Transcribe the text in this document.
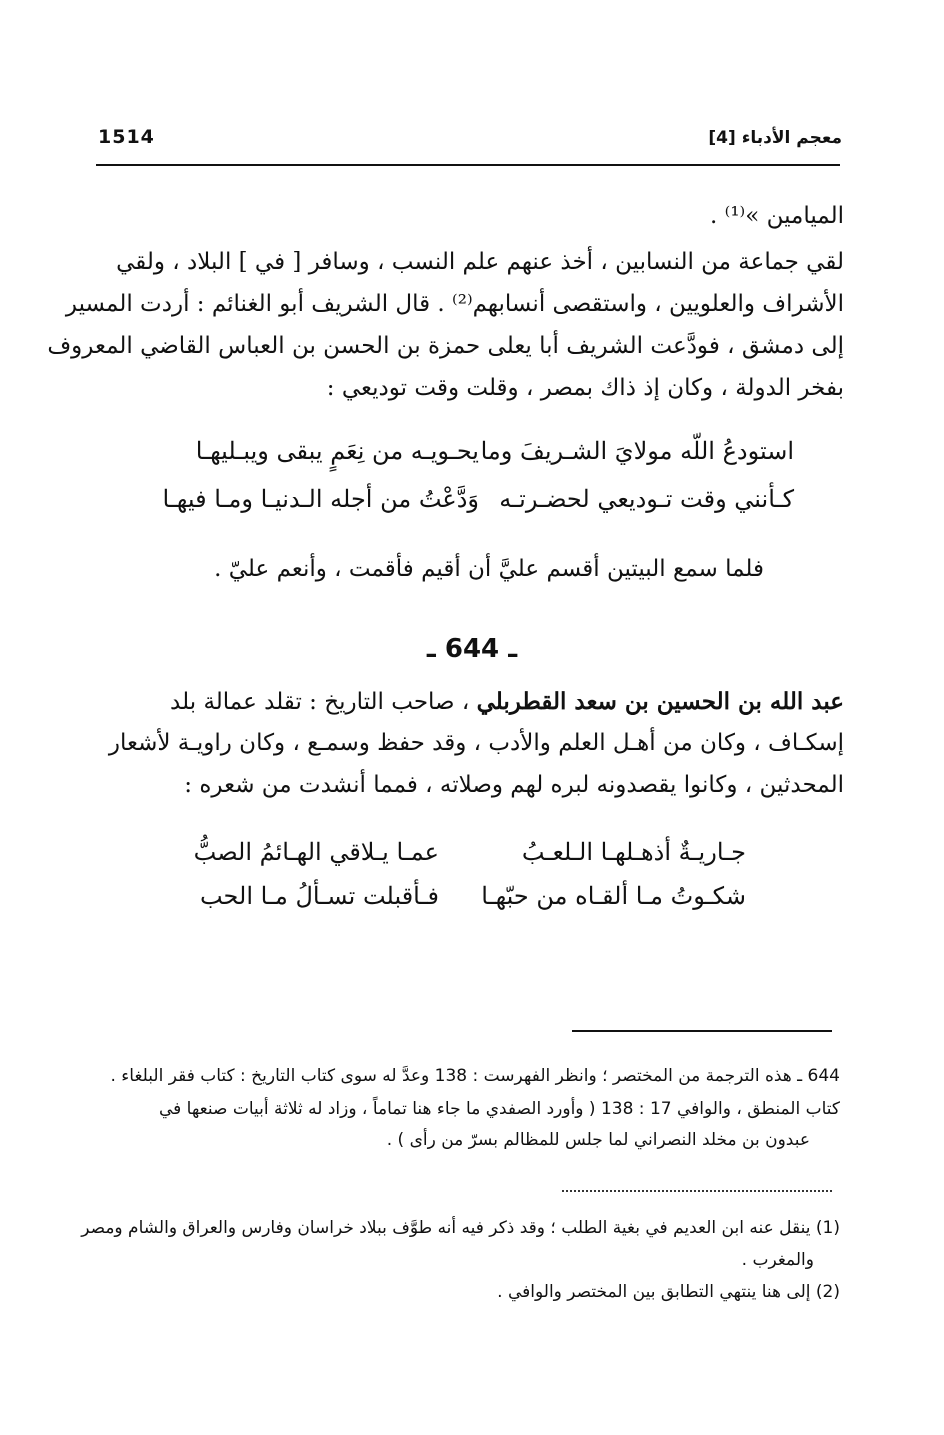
معجم الأدباء [4]
1514
الميامين »⁽¹⁾ .
لقي جماعة من النسابين ، أخذ عنهم علم النسب ، وسافر [ في ] البلاد ، ولقي
الأشراف والعلويين ، واستقصى أنسابهم⁽²⁾ . قال الشريف أبو الغنائم : أردت المسير
إلى دمشق ، فودَّعت الشريف أبا يعلى حمزة بن الحسن بن العباس القاضي المعروف
بفخر الدولة ، وكان إذ ذاك بمصر ، وقلت وقت توديعي :
استودعُ اللّه مولايَ الشـريفَ وما
يحـويـه من نِعَمٍ يبقى ويبـليهـا
كـأنني وقت تـوديعي لحضـرتـه
وَدَّعْتُ من أجله الـدنيـا ومـا فيهـا
فلما سمع البيتين أقسم عليَّ أن أقيم فأقمت ، وأنعم عليّ .
ـ 644 ـ
عبد الله بن الحسين بن سعد القطربلي ، صاحب التاريخ : تقلد عمالة بلد
إسكـاف ، وكان من أهـل العلم والأدب ، وقد حفظ وسمـع ، وكان راويـة لأشعار
المحدثين ، وكانوا يقصدونه لبره لهم وصلاته ، فمما أنشدت من شعره :
جـاريـةٌ أذهـلهـا الـلعـبُ
عمـا يـلاقي الهـائمُ الصبُّ
شكـوتُ مـا ألقـاه من حبّهـا
فـأقبلت تسـألُ مـا الحب
644 ـ هذه الترجمة من المختصر ؛ وانظر الفهرست : 138 وعدَّ له سوى كتاب التاريخ : كتاب فقر البلغاء .
كتاب المنطق ، والوافي 17 : 138 ( وأورد الصفدي ما جاء هنا تماماً ، وزاد له ثلاثة أبيات صنعها في
عبدون بن مخلد النصراني لما جلس للمظالم بسرّ من رأى ) .
(1) ينقل عنه ابن العديم في بغية الطلب ؛ وقد ذكر فيه أنه طوَّف ببلاد خراسان وفارس والعراق والشام ومصر
والمغرب .
(2) إلى هنا ينتهي التطابق بين المختصر والوافي .
